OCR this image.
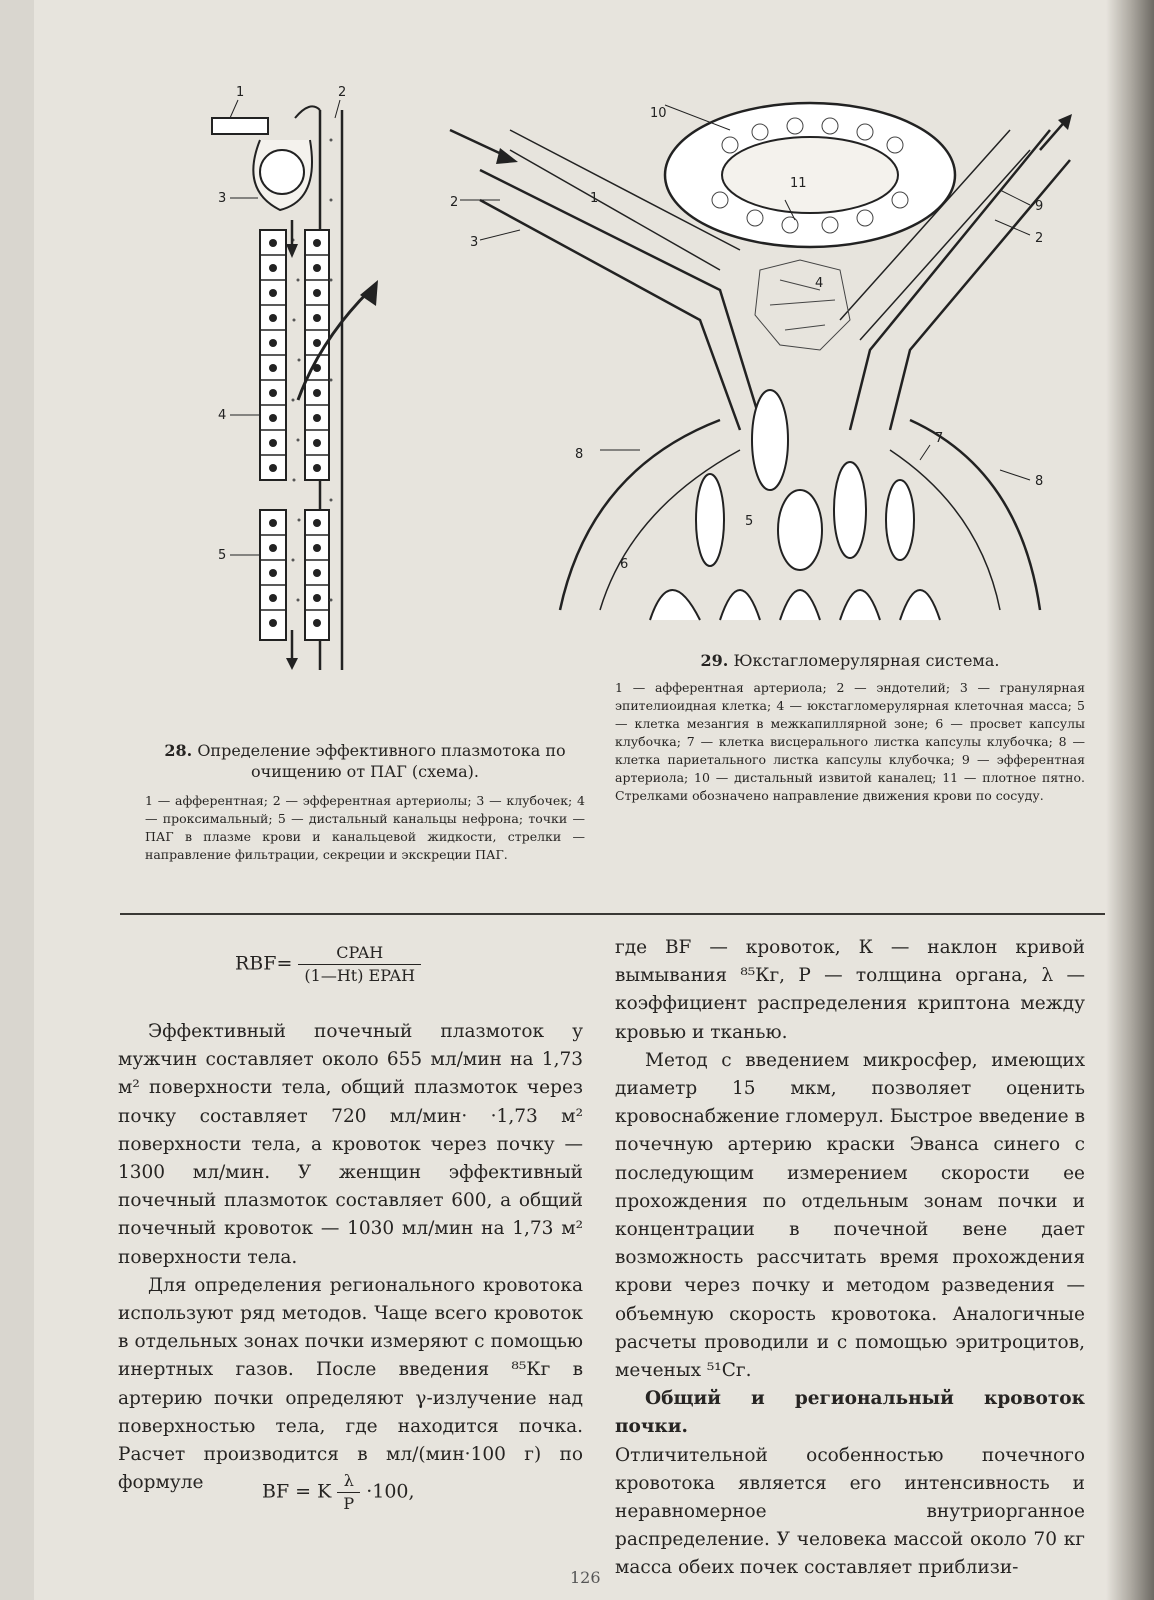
1	2
3
4
5
1
2
3
4
5
6
7
8
9
10
11
2
8
28. Определение эффективного плазмотока по очищению от ПАГ (схема).

1 — афферентная; 2 — эфферентная артериолы; 3 — клубочек; 4 — проксимальный; 5 — дистальный канальцы нефрона; точки — ПАГ в плазме крови и канальцевой жидкости, стрелки — направление фильтрации, секреции и экскреции ПАГ.

29. Юкстагломерулярная система.

1 — афферентная артериола; 2 — эндотелий; 3 — гранулярная эпителиоидная клетка; 4 — юкстагломерулярная клеточная масса; 5 — клетка мезангия в межкапиллярной зоне; 6 — просвет капсулы клубочка; 7 — клетка висцерального листка капсулы клубочка; 8 — клетка париетального листка капсулы клубочка; 9 — эфферентная артериола; 10 — дистальный извитой каналец; 11 — плотное пятно. Стрелками обозначено направление движения крови по сосуду.

$RBF= \frac{\text{CPAH}}{\text{(1—Ht) EPAH}}$

Эффективный почечный плазмоток у мужчин составляет около 655 мл/мин на 1,73 м² поверхности тела, общий плазмоток через почку составляет 720 мл/мин· ·1,73 м² поверхности тела, а кровоток через почку — 1300 мл/мин. У женщин эффективный почечный плазмоток составляет 600, а общий почечный кровоток — 1030 мл/мин на 1,73 м² поверхности тела.

Для определения регионального кровотока используют ряд методов. Чаще всего кровоток в отдельных зонах почки измеряют с помощью инертных газов. После введения ⁸⁵Кг в артерию почки определяют γ-излучение над поверхностью тела, где находится почка. Расчет производится в мл/(мин·100 г) по формуле	BF = K $\frac{\lambda}{P} \cdot 100$,

где BF — кровоток, К — наклон кривой вымывания ⁸⁵Кг, Р — толщина органа, λ — коэффициент распределения криптона между кровью и тканью.

Метод с введением микросфер, имеющих диаметр 15 мкм, позволяет оценить кровоснабжение гломерул. Быстрое введение в почечную артерию краски Эванса синего с последующим измерением скорости ее прохождения по отдельным зонам почки и концентрации в почечной вене дает возможность рассчитать время прохождения крови через почку и методом разведения — объемную скорость кровотока. Аналогичные расчеты проводили и с помощью эритроцитов, меченых ⁵¹Сг.

Общий и региональный кровоток почки.

Отличительной особенностью почечного кровотока является его интенсивность и неравномерное внутриорганное распределение. У человека массой около 70 кг масса обеих почек составляет приблизи-

126
